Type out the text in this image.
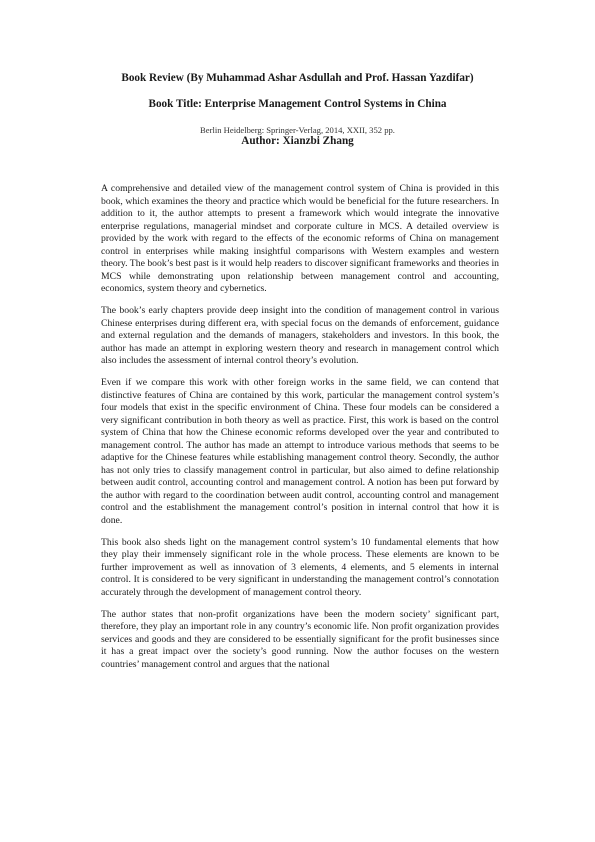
Book Review (By Muhammad Ashar Asdullah and Prof. Hassan Yazdifar)
Book Title: Enterprise Management Control Systems in China
Berlin Heidelberg: Springer-Verlag, 2014, XXII, 352 pp.
Author: Xianzbi Zhang

A comprehensive and detailed view of the management control system of China is provided in this book, which examines the theory and practice which would be beneficial for the future researchers. In addition to it, the author attempts to present a framework which would integrate the innovative enterprise regulations, managerial mindset and corporate culture in MCS. A detailed overview is provided by the work with regard to the effects of the economic reforms of China on management control in enterprises while making insightful comparisons with Western examples and western theory. The book’s best past is it would help readers to discover significant frameworks and theories in MCS while demonstrating upon relationship between management control and accounting, economics, system theory and cybernetics.

The book’s early chapters provide deep insight into the condition of management control in various Chinese enterprises during different era, with special focus on the demands of enforcement, guidance and external regulation and the demands of managers, stakeholders and investors. In this book, the author has made an attempt in exploring western theory and research in management control which also includes the assessment of internal control theory’s evolution.

Even if we compare this work with other foreign works in the same field, we can contend that distinctive features of China are contained by this work, particular the management control system’s four models that exist in the specific environment of China. These four models can be considered a very significant contribution in both theory as well as practice. First, this work is based on the control system of China that how the Chinese economic reforms developed over the year and contributed to management control. The author has made an attempt to introduce various methods that seems to be adaptive for the Chinese features while establishing management control theory. Secondly, the author has not only tries to classify management control in particular, but also aimed to define relationship between audit control, accounting control and management control. A notion has been put forward by the author with regard to the coordination between audit control, accounting control and management control and the establishment the management control’s position in internal control that how it is done.

This book also sheds light on the management control system’s 10 fundamental elements that how they play their immensely significant role in the whole process. These elements are known to be further improvement as well as innovation of 3 elements, 4 elements, and 5 elements in internal control. It is considered to be very significant in understanding the management control’s connotation accurately through the development of management control theory.

The author states that non-profit organizations have been the modern society’ significant part, therefore, they play an important role in any country’s economic life. Non profit organization provides services and goods and they are considered to be essentially significant for the profit businesses since it has a great impact over the society’s good running. Now the author focuses on the western countries’ management control and argues that the national
